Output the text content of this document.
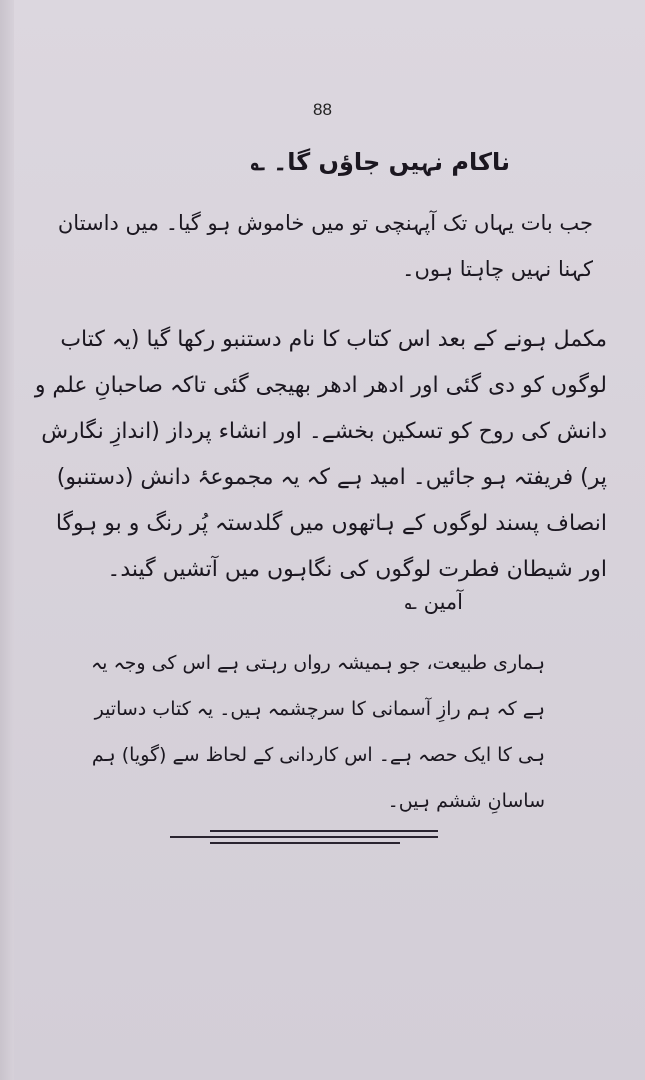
88
ناکام نہیں جاؤں گا۔ ؎
جب بات یہاں تک آپہنچی تو میں خاموش ہو گیا۔ میں داستان کہنا نہیں چاہتا ہوں۔
مکمل ہونے کے بعد اس کتاب کا نام دستنبو رکھا گیا (یہ کتاب لوگوں کو دی گئی اور ادھر ادھر بھیجی گئی تاکہ صاحبانِ علم و دانش کی روح کو تسکین بخشے۔ اور انشاء پرداز (اندازِ نگارش پر) فریفتہ ہو جائیں۔ امید ہے کہ یہ مجموعۂ دانش (دستنبو) انصاف پسند لوگوں کے ہاتھوں میں گلدستہ پُر رنگ و بو ہوگا اور شیطان فطرت لوگوں کی نگاہوں میں آتشیں گیند۔
آمین ؎
ہماری طبیعت، جو ہمیشہ رواں رہتی ہے اس کی وجہ یہ ہے کہ ہم رازِ آسمانی کا سرچشمہ ہیں۔ یہ کتاب دساتیر ہی کا ایک حصہ ہے۔ اس کاردانی کے لحاظ سے (گویا) ہم ساسانِ ششم ہیں۔
